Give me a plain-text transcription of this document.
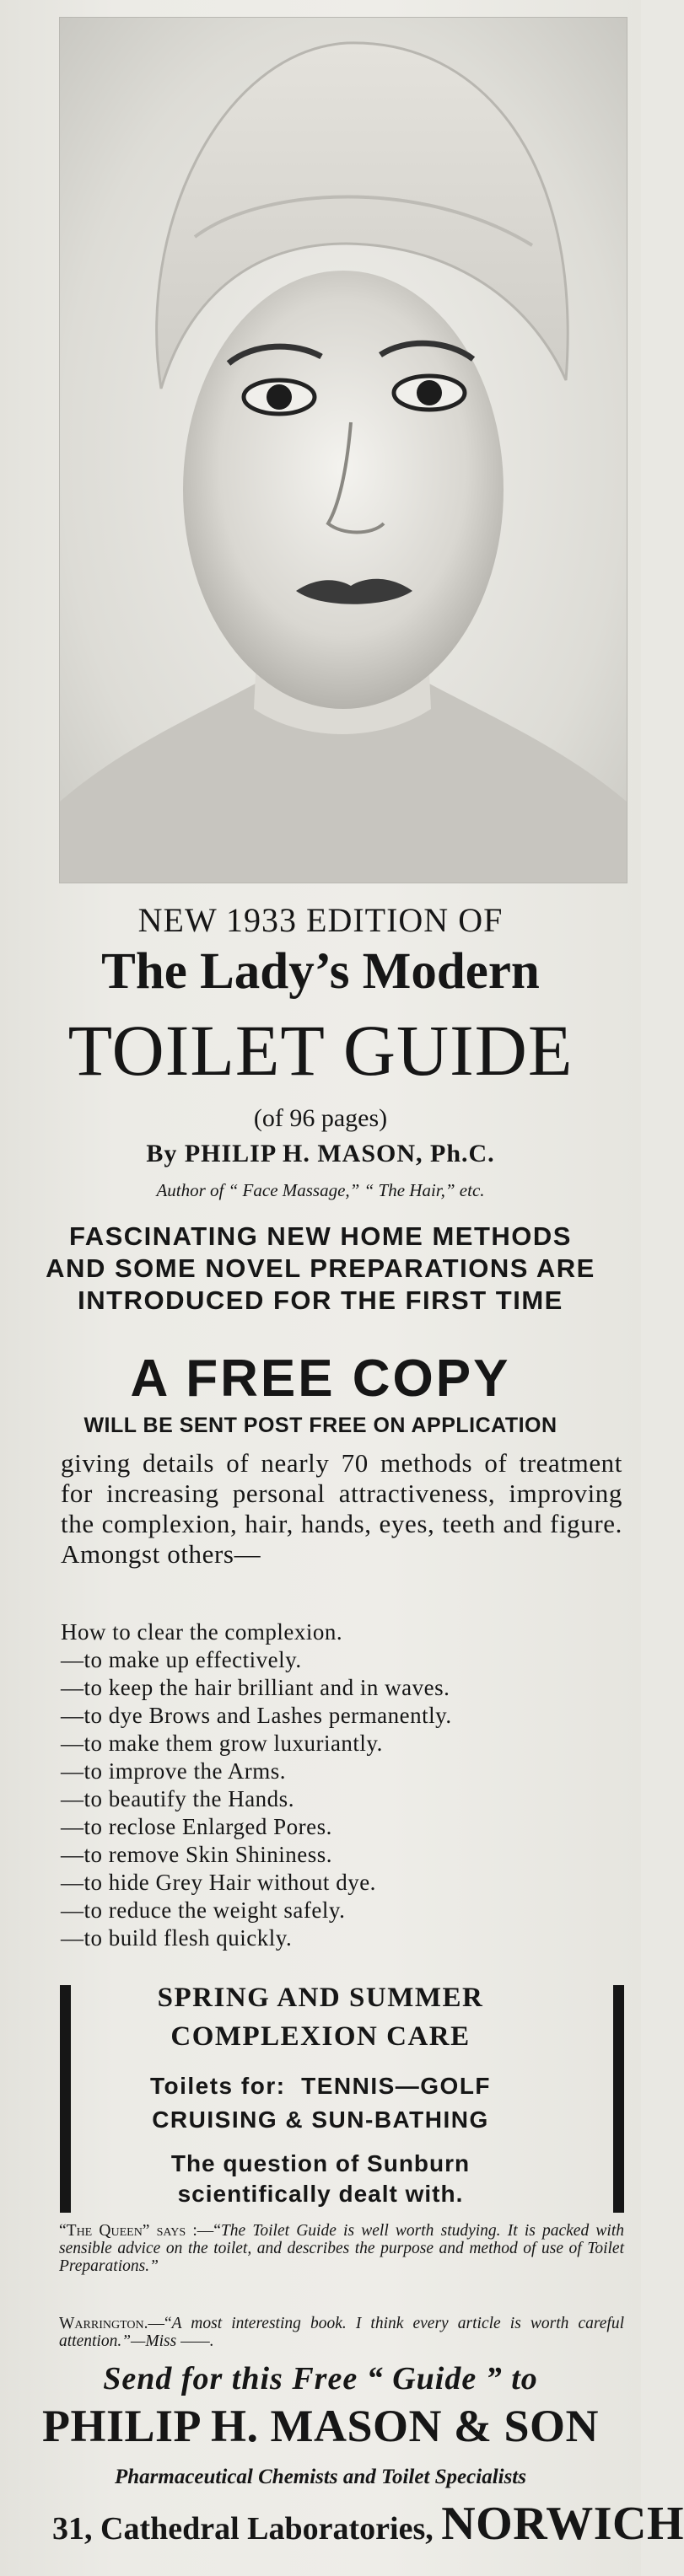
NEW 1933 EDITION OF
The Lady’s Modern
TOILET GUIDE
(of 96 pages)
By PHILIP H. MASON, Ph.C.
Author of “ Face Massage,” “ The Hair,” etc.
FASCINATING NEW HOME METHODS
AND SOME NOVEL PREPARATIONS ARE
INTRODUCED FOR THE FIRST TIME
A FREE COPY
WILL BE SENT POST FREE ON APPLICATION
giving details of nearly 70 methods of treatment for increasing personal attractiveness, improving the complexion, hair, hands, eyes, teeth and figure. Amongst others—
How to clear the complexion.
—to make up effectively.
—to keep the hair brilliant and in waves.
—to dye Brows and Lashes permanently.
—to make them grow luxuriantly.
—to improve the Arms.
—to beautify the Hands.
—to reclose Enlarged Pores.
—to remove Skin Shininess.
—to hide Grey Hair without dye.
—to reduce the weight safely.
—to build flesh quickly.
SPRING AND SUMMER
COMPLEXION CARE
Toilets for:  TENNIS—GOLF
CRUISING & SUN-BATHING
The question of Sunburn
scientifically dealt with.
“The Queen” says :—“The Toilet Guide is well worth studying. It is packed with sensible advice on the toilet, and describes the purpose and method of use of Toilet Preparations.”
Warrington.—“A most interesting book. I think every article is worth careful attention.”—Miss ——.
Send for this Free “ Guide ” to
PHILIP H. MASON & SON
Pharmaceutical Chemists and Toilet Specialists
31, Cathedral Laboratories, NORWICH
